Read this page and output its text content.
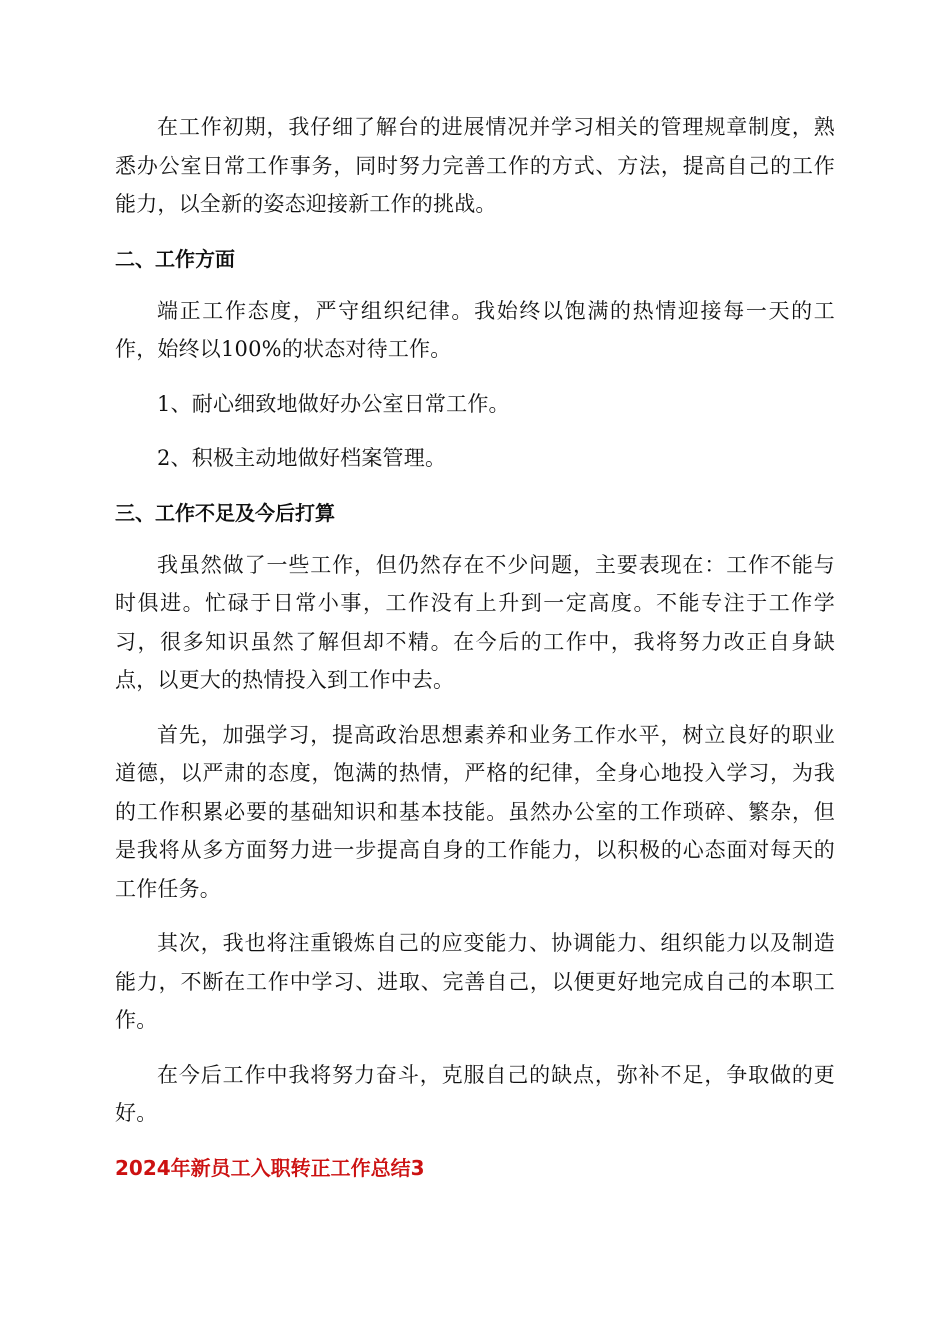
在工作初期，我仔细了解台的进展情况并学习相关的管理规章制度，熟悉办公室日常工作事务，同时努力完善工作的方式、方法，提高自己的工作能力，以全新的姿态迎接新工作的挑战。

二、工作方面

端正工作态度，严守组织纪律。我始终以饱满的热情迎接每一天的工作，始终以100%的状态对待工作。

1、耐心细致地做好办公室日常工作。

2、积极主动地做好档案管理。

三、工作不足及今后打算

我虽然做了一些工作，但仍然存在不少问题，主要表现在：工作不能与时俱进。忙碌于日常小事，工作没有上升到一定高度。不能专注于工作学习，很多知识虽然了解但却不精。在今后的工作中，我将努力改正自身缺点，以更大的热情投入到工作中去。

首先，加强学习，提高政治思想素养和业务工作水平，树立良好的职业道德，以严肃的态度，饱满的热情，严格的纪律，全身心地投入学习，为我的工作积累必要的基础知识和基本技能。虽然办公室的工作琐碎、繁杂，但是我将从多方面努力进一步提高自身的工作能力，以积极的心态面对每天的工作任务。

其次，我也将注重锻炼自己的应变能力、协调能力、组织能力以及制造能力，不断在工作中学习、进取、完善自己，以便更好地完成自己的本职工作。

在今后工作中我将努力奋斗，克服自己的缺点，弥补不足，争取做的更好。

2024年新员工入职转正工作总结3
